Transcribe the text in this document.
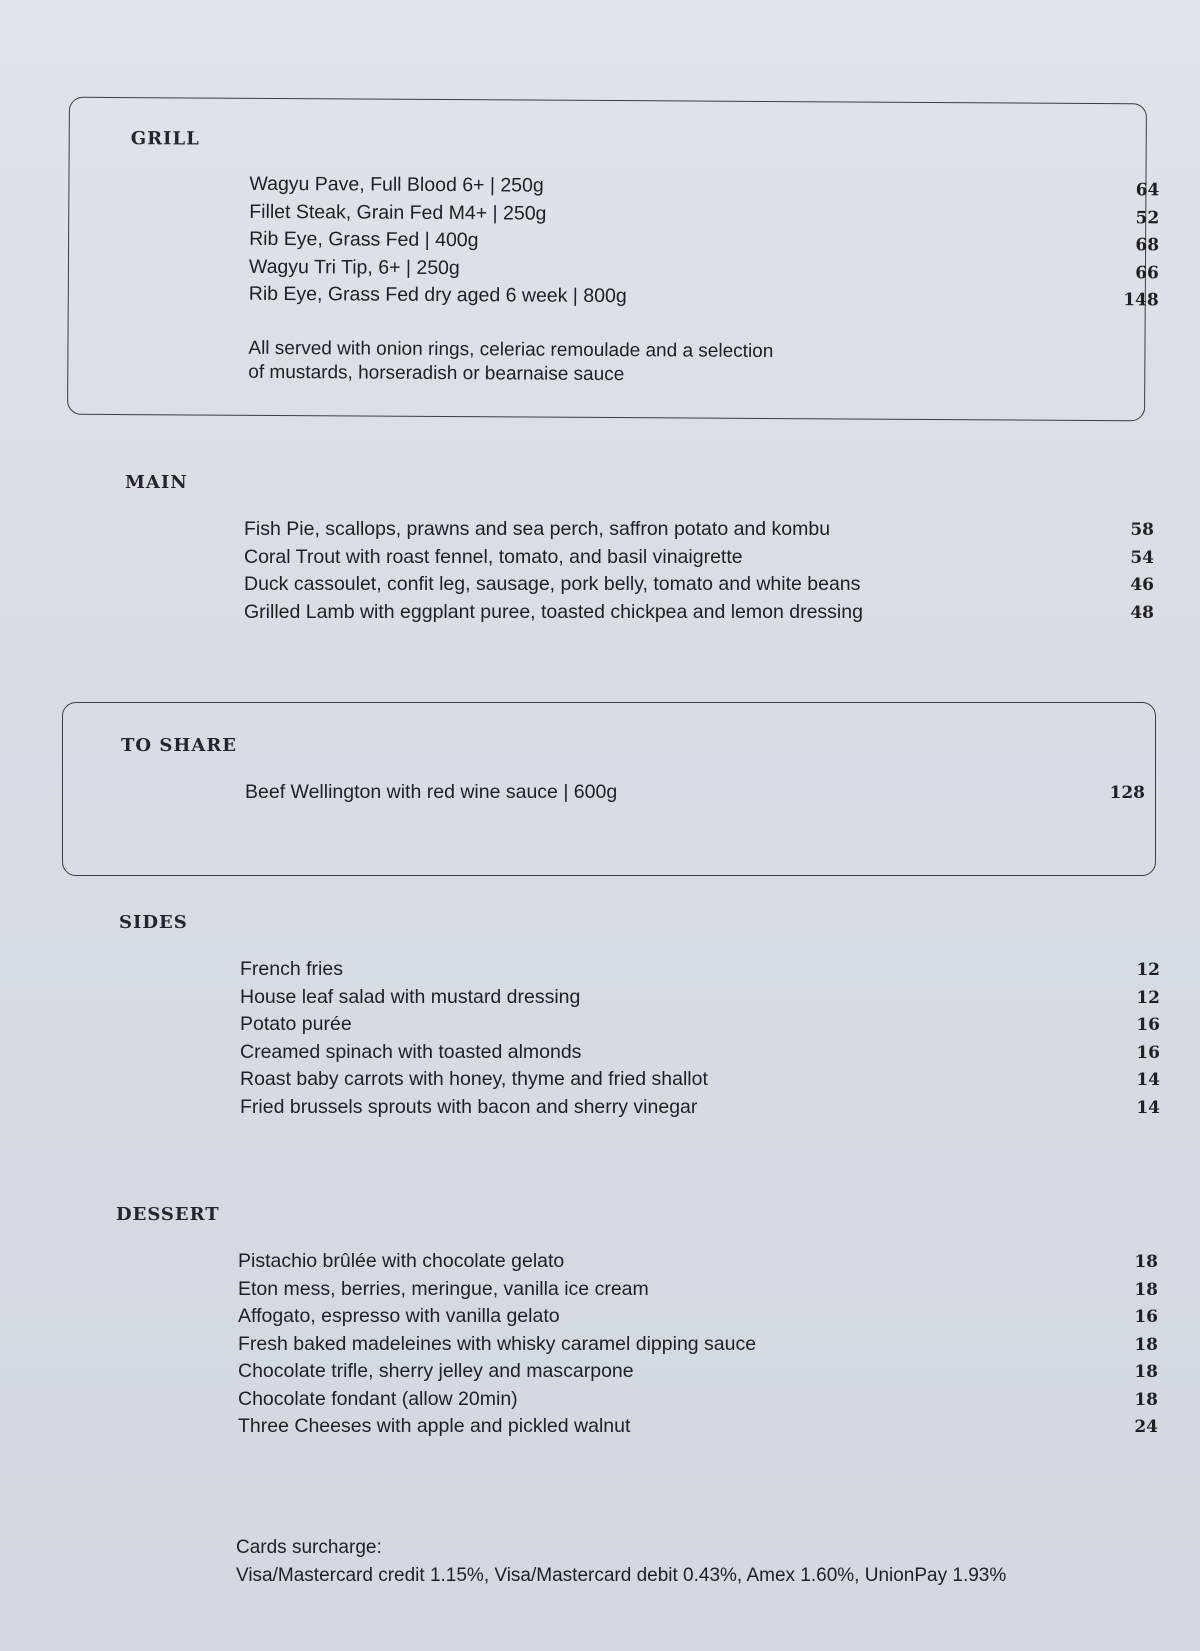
GRILL
Wagyu Pave, Full Blood 6+ | 250g	64
Fillet Steak, Grain Fed M4+ | 250g	52
Rib Eye, Grass Fed | 400g	68
Wagyu Tri Tip, 6+ | 250g	66
Rib Eye, Grass Fed dry aged 6 week | 800g	148
All served with onion rings, celeriac remoulade and a selection
of mustards, horseradish or bearnaise sauce
MAIN
Fish Pie, scallops, prawns and sea perch, saffron potato and kombu	58
Coral Trout with roast fennel, tomato, and basil vinaigrette	54
Duck cassoulet, confit leg, sausage, pork belly, tomato and white beans	46
Grilled Lamb with eggplant puree, toasted chickpea and lemon dressing	48
TO SHARE
Beef Wellington with red wine sauce | 600g	128
SIDES
French fries	12
House leaf salad with mustard dressing	12
Potato purée	16
Creamed spinach with toasted almonds	16
Roast baby carrots with honey, thyme and fried shallot	14
Fried brussels sprouts with bacon and sherry vinegar	14
DESSERT
Pistachio brûlée with chocolate gelato	18
Eton mess, berries, meringue, vanilla ice cream	18
Affogato, espresso with vanilla gelato	16
Fresh baked madeleines with whisky caramel dipping sauce	18
Chocolate trifle, sherry jelley and mascarpone	18
Chocolate fondant (allow 20min)	18
Three Cheeses with apple and pickled walnut	24
Cards surcharge:
Visa/Mastercard credit 1.15%, Visa/Mastercard debit 0.43%, Amex 1.60%, UnionPay 1.93%
